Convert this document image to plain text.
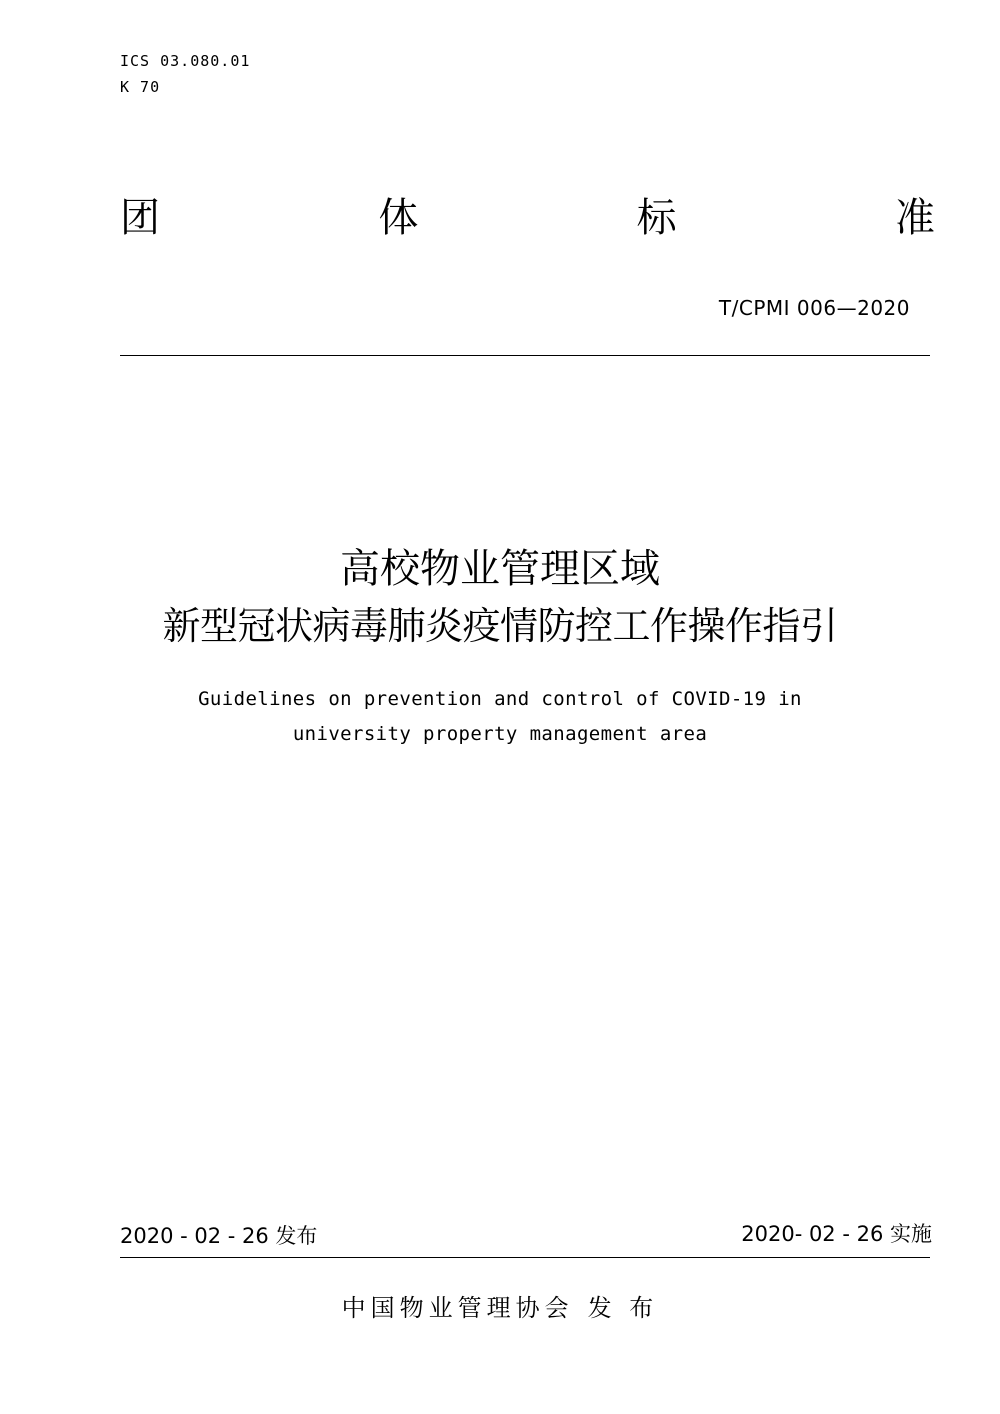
ICS 03.080.01
K 70
团	体	标	准
T/CPMI 006—2020
高校物业管理区域
新型冠状病毒肺炎疫情防控工作操作指引
Guidelines on prevention and control of COVID-19 in
university property management area
2020 - 02 - 26 发布	2020- 02 - 26 实施
中国物业管理协会 发 布
